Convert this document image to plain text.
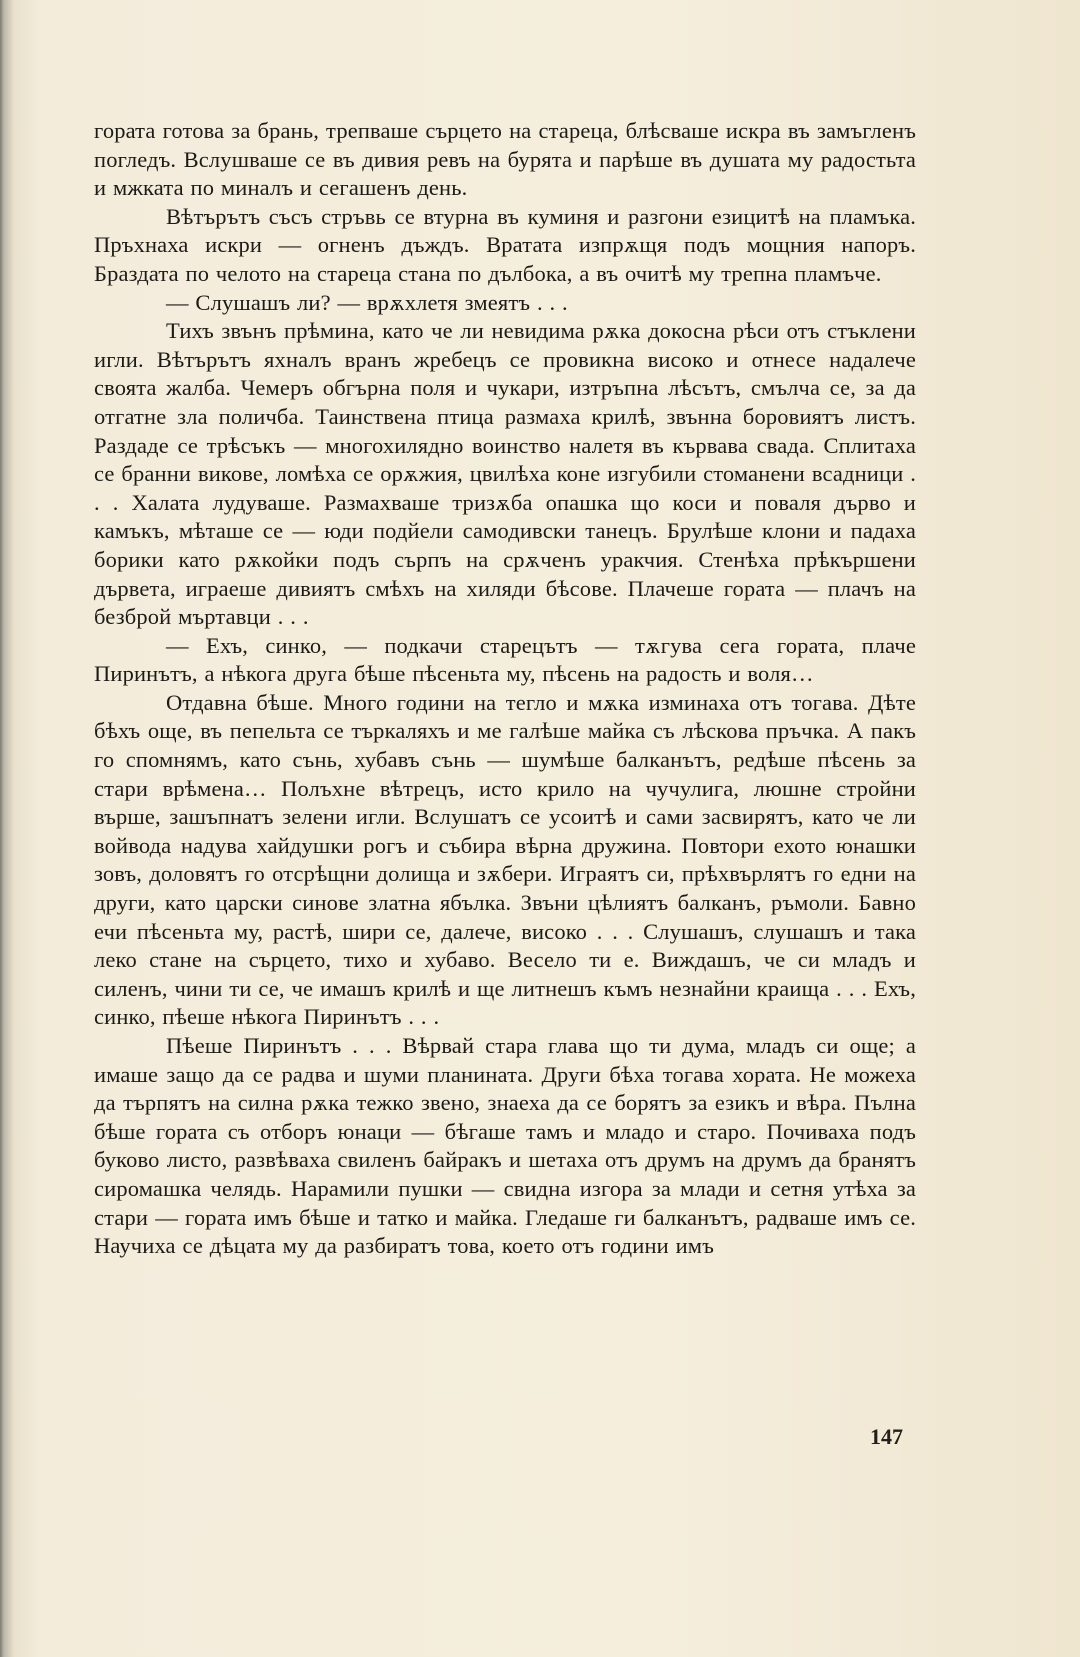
гората готова за брань, трепваше сърцето на стареца, блѣсваше искра въ замъгленъ погледъ. Вслушваше се въ дивия ревъ на бурята и парѣше въ душата му радостьта и мжката по миналъ и сегашенъ день.

Вѣтърътъ съсъ стръвь се втурна въ куминя и разгони езицитѣ на пламъка. Пръхнаха искри — огненъ дъждъ. Вратата изпрѫщя подъ мощния напоръ. Браздата по челото на стареца стана по дълбока, а въ очитѣ му трепна пламъче.

— Слушашъ ли? — врѫхлетя змеятъ . . .

Тихъ звънъ прѣмина, като че ли невидима рѫка докосна рѣси отъ стъклени игли. Вѣтърътъ яхналъ вранъ жребецъ се провикна високо и отнесе надалече своята жалба. Чемеръ обгърна поля и чукари, изтръпна лѣсътъ, смълча се, за да отгатне зла поличба. Таинствена птица размаха крилѣ, звънна боровиятъ листъ. Раздаде се трѣсъкъ — многохилядно воинство налетя въ кървава свада. Сплитаха се бранни викове, ломѣха се орѫжия, цвилѣха коне изгубили стоманени всадници . . . Халата лудуваше. Размахваше тризѫба опашка що коси и поваля дърво и камъкъ, мѣташе се — юди подйели самодивски танецъ. Брулѣше клони и падаха борики като рѫкойки подъ сърпъ на срѫченъ уракчия. Стенѣха прѣкършени дървета, играеше дивиятъ смѣхъ на хиляди бѣсове. Плачеше гората — плачъ на безброй мъртавци . . .

— Ехъ, синко, — подкачи старецътъ — тѫгува сега гората, плаче Пиринътъ, а нѣкога друга бѣше пѣсеньта му, пѣсень на радость и воля…

Отдавна бѣше. Много години на тегло и мѫка изминаха отъ тогава. Дѣте бѣхъ още, въ пепельта се търкаляхъ и ме галѣше майка съ лѣскова пръчка. А пакъ го спомнямъ, като сънь, хубавъ сънь — шумѣше балканътъ, редѣше пѣсень за стари врѣмена… Полъхне вѣтрецъ, исто крило на чучулига, люшне стройни върше, зашъпнатъ зелени игли. Вслушатъ се усоитѣ и сами засвирятъ, като че ли войвода надува хайдушки рогъ и събира вѣрна дружина. Повтори ехото юнашки зовъ, доловятъ го отсрѣщни долища и зѫбери. Играятъ си, прѣхвърлятъ го едни на други, като царски синове златна ябълка. Звъни цѣлиятъ балканъ, ръмоли. Бавно ечи пѣсеньта му, растѣ, шири се, далече, високо . . . Слушашъ, слушашъ и така леко стане на сърцето, тихо и хубаво. Весело ти е. Виждашъ, че си младъ и силенъ, чини ти се, че имашъ крилѣ и ще литнешъ къмъ незнайни краища . . . Ехъ, синко, пѣеше нѣкога Пиринътъ . . .

Пѣеше Пиринътъ . . . Вѣрвай стара глава що ти дума, младъ си още; а имаше защо да се радва и шуми планината. Други бѣха тогава хората. Не можеха да търпятъ на силна рѫка тежко звено, знаеха да се борятъ за езикъ и вѣра. Пълна бѣше гората съ отборъ юнаци — бѣгаше тамъ и младо и старо. Почиваха подъ буково листо, развѣваха свиленъ байракъ и шетаха отъ друмъ на друмъ да бранятъ сиромашка челядь. Нарамили пушки — свидна изгора за млади и сетня утѣха за стари — гората имъ бѣше и татко и майка. Гледаше ги балканътъ, радваше имъ се. Научиха се дѣцата му да разбиратъ това, което отъ години имъ

147
